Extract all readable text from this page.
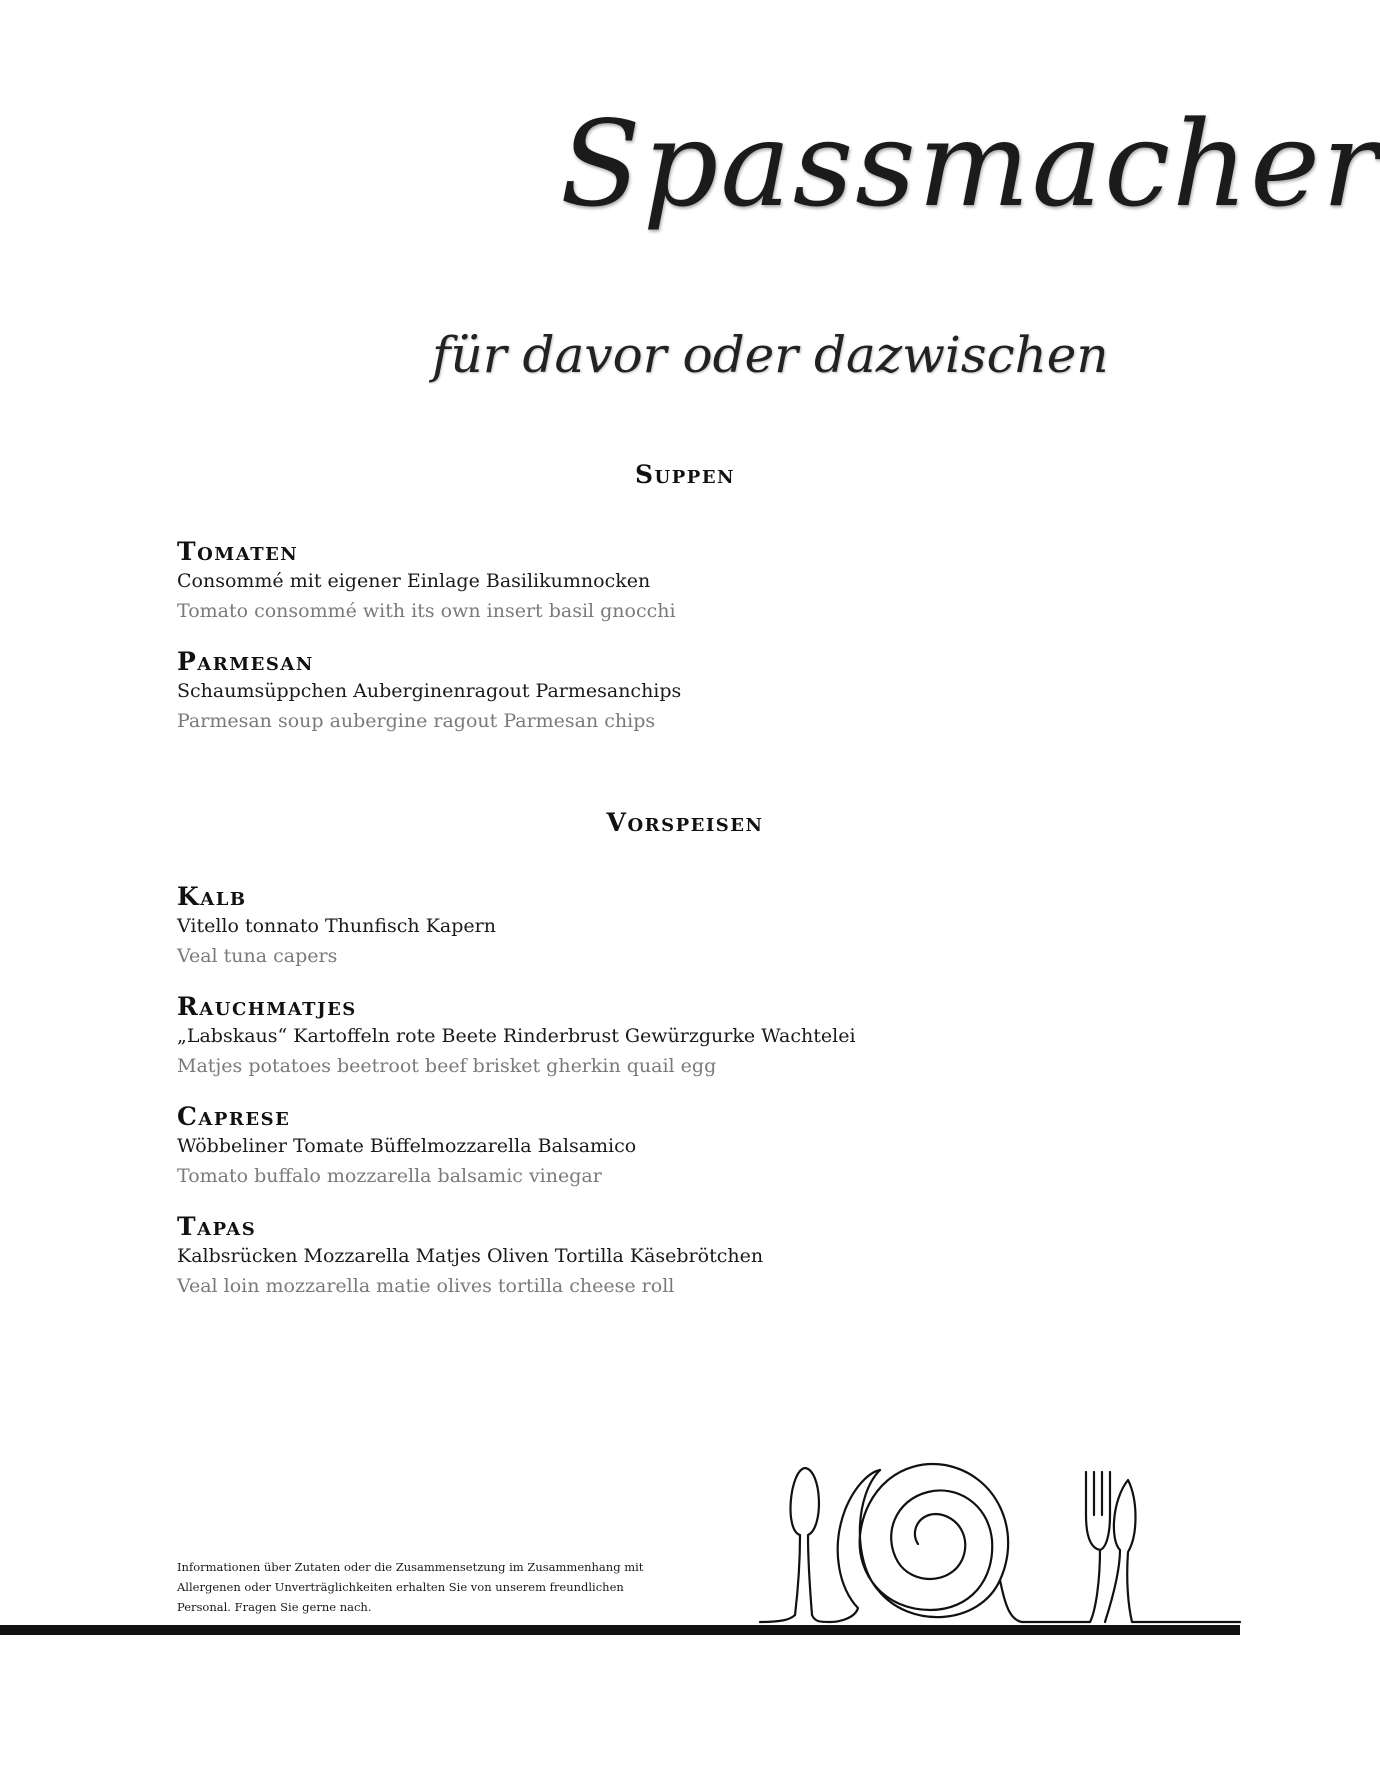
Spassmacher
für davor oder dazwischen
Suppen
Tomaten
Consommé mit eigener Einlage Basilikumnocken
Tomato consommé with its own insert basil gnocchi
Parmesan
Schaumsüppchen Auberginenragout Parmesanchips
Parmesan soup aubergine ragout Parmesan chips
Vorspeisen
Kalb
Vitello tonnato Thunfisch Kapern
Veal tuna capers
Rauchmatjes
„Labskaus“ Kartoffeln rote Beete Rinderbrust Gewürzgurke Wachtelei
Matjes potatoes beetroot beef brisket gherkin quail egg
Caprese
Wöbbeliner Tomate Büffelmozzarella Balsamico
Tomato buffalo mozzarella balsamic vinegar
Tapas
Kalbsrücken Mozzarella Matjes Oliven Tortilla Käsebrötchen
Veal loin mozzarella matie olives tortilla cheese roll
Informationen über Zutaten oder die Zusammensetzung im Zusammenhang mit
Allergenen oder Unverträglichkeiten erhalten Sie von unserem freundlichen
Personal. Fragen Sie gerne nach.
